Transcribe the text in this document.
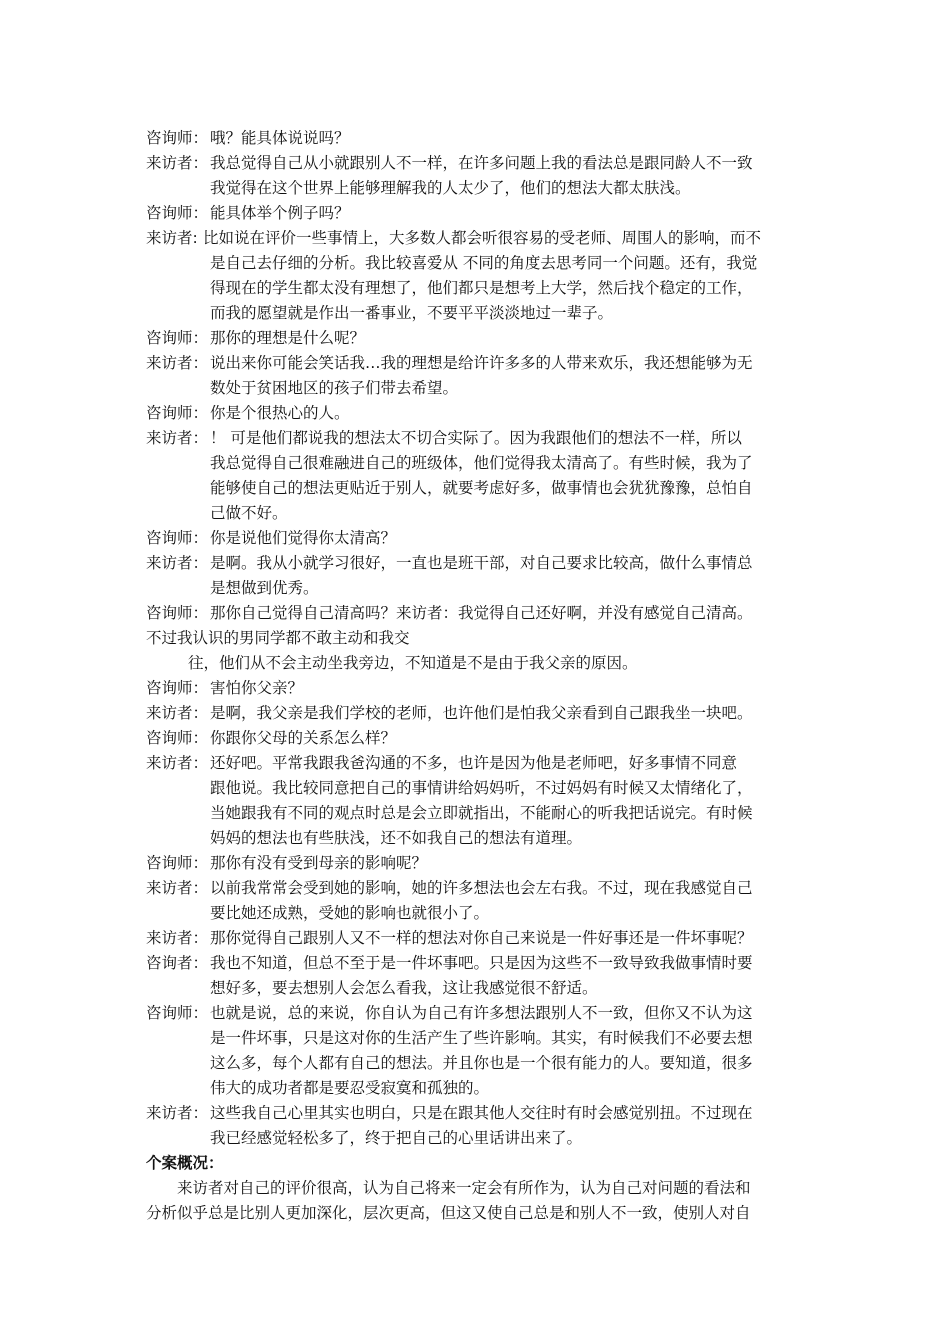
咨询师： 哦？能具体说说吗？
来访者： 我总觉得自己从小就跟别人不一样，在许多问题上我的看法总是跟同龄人不一致
我觉得在这个世界上能够理解我的人太少了，他们的想法大都太肤浅。
咨询师： 能具体举个例子吗？
来访者: 比如说在评价一些事情上，大多数人都会听很容易的受老师、周围人的影响，而不
是自己去仔细的分析。我比较喜爱从 不同的角度去思考同一个问题。还有，我觉
得现在的学生都太没有理想了，他们都只是想考上大学，然后找个稳定的工作，
而我的愿望就是作出一番事业，不要平平淡淡地过一辈子。
咨询师： 那你的理想是什么呢？
来访者： 说出来你可能会笑话我…我的理想是给许许多多的人带来欢乐，我还想能够为无
数处于贫困地区的孩子们带去希望。
咨询师： 你是个很热心的人。
来访者： ！ 可是他们都说我的想法太不切合实际了。因为我跟他们的想法不一样，所以
我总觉得自己很难融进自己的班级体，他们觉得我太清高了。有些时候，我为了
能够使自己的想法更贴近于别人，就要考虑好多，做事情也会犹犹豫豫，总怕自
己做不好。
咨询师： 你是说他们觉得你太清高？
来访者： 是啊。我从小就学习很好，一直也是班干部，对自己要求比较高，做什么事情总
是想做到优秀。
咨询师： 那你自己觉得自己清高吗？来访者：我觉得自己还好啊，并没有感觉自己清高。
不过我认识的男同学都不敢主动和我交
往，他们从不会主动坐我旁边，不知道是不是由于我父亲的原因。
咨询师： 害怕你父亲？
来访者： 是啊，我父亲是我们学校的老师，也许他们是怕我父亲看到自己跟我坐一块吧。
咨询师： 你跟你父母的关系怎么样？
来访者： 还好吧。平常我跟我爸沟通的不多，也许是因为他是老师吧，好多事情不同意
跟他说。我比较同意把自己的事情讲给妈妈听，不过妈妈有时候又太情绪化了，
当她跟我有不同的观点时总是会立即就指出，不能耐心的听我把话说完。有时候
妈妈的想法也有些肤浅，还不如我自己的想法有道理。
咨询师： 那你有没有受到母亲的影响呢？
来访者： 以前我常常会受到她的影响，她的许多想法也会左右我。不过，现在我感觉自己
要比她还成熟，受她的影响也就很小了。
来访者： 那你觉得自己跟别人又不一样的想法对你自己来说是一件好事还是一件坏事呢？
咨询者： 我也不知道，但总不至于是一件坏事吧。只是因为这些不一致导致我做事情时要
想好多，要去想别人会怎么看我，这让我感觉很不舒适。
咨询师： 也就是说，总的来说，你自认为自己有许多想法跟别人不一致，但你又不认为这
是一件坏事，只是这对你的生活产生了些许影响。其实，有时候我们不必要去想
这么多，每个人都有自己的想法。并且你也是一个很有能力的人。要知道，很多
伟大的成功者都是要忍受寂寞和孤独的。
来访者： 这些我自己心里其实也明白，只是在跟其他人交往时有时会感觉别扭。不过现在
我已经感觉轻松多了，终于把自己的心里话讲出来了。
个案概况：
来访者对自己的评价很高，认为自己将来一定会有所作为，认为自己对问题的看法和
分析似乎总是比别人更加深化，层次更高，但这又使自己总是和别人不一致，使别人对自
